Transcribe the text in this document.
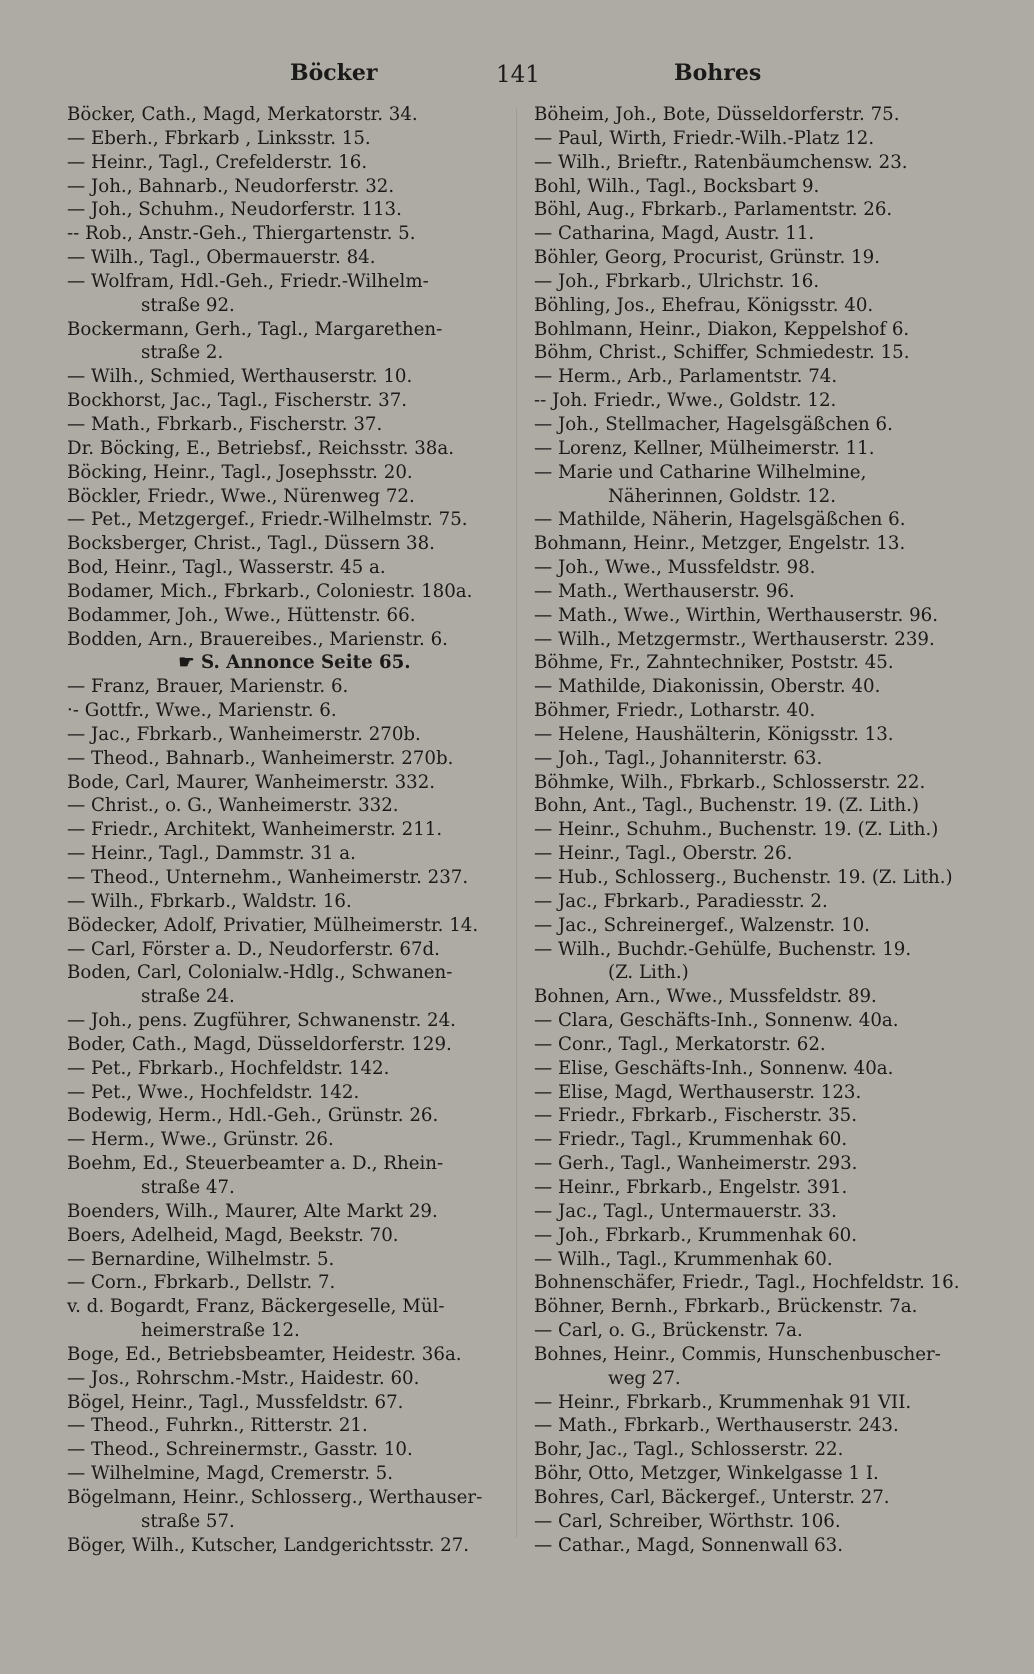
Böcker	141	Bohres
Böcker, Cath., Magd, Merkatorstr. 34.
— Eberh., Fbrkarb , Linksstr. 15.
— Heinr., Tagl., Crefelderstr. 16.
— Joh., Bahnarb., Neudorferstr. 32.
— Joh., Schuhm., Neudorferstr. 113.
-- Rob., Anstr.-Geh., Thiergartenstr. 5.
— Wilh., Tagl., Obermauerstr. 84.
— Wolfram, Hdl.-Geh., Friedr.-Wilhelm-
straße 92.
Bockermann, Gerh., Tagl., Margarethen-
straße 2.
— Wilh., Schmied, Werthauserstr. 10.
Bockhorst, Jac., Tagl., Fischerstr. 37.
— Math., Fbrkarb., Fischerstr. 37.
Dr. Böcking, E., Betriebsf., Reichsstr. 38a.
Böcking, Heinr., Tagl., Josephsstr. 20.
Böckler, Friedr., Wwe., Nürenweg 72.
— Pet., Metzgergef., Friedr.-Wilhelmstr. 75.
Bocksberger, Christ., Tagl., Düssern 38.
Bod, Heinr., Tagl., Wasserstr. 45 a.
Bodamer, Mich., Fbrkarb., Coloniestr. 180a.
Bodammer, Joh., Wwe., Hüttenstr. 66.
Bodden, Arn., Brauereibes., Marienstr. 6.
☛ S. Annonce Seite 65.
— Franz, Brauer, Marienstr. 6.
·- Gottfr., Wwe., Marienstr. 6.
— Jac., Fbrkarb., Wanheimerstr. 270b.
— Theod., Bahnarb., Wanheimerstr. 270b.
Bode, Carl, Maurer, Wanheimerstr. 332.
— Christ., o. G., Wanheimerstr. 332.
— Friedr., Architekt, Wanheimerstr. 211.
— Heinr., Tagl., Dammstr. 31 a.
— Theod., Unternehm., Wanheimerstr. 237.
— Wilh., Fbrkarb., Waldstr. 16.
Bödecker, Adolf, Privatier, Mülheimerstr. 14.
— Carl, Förster a. D., Neudorferstr. 67d.
Boden, Carl, Colonialw.-Hdlg., Schwanen-
straße 24.
— Joh., pens. Zugführer, Schwanenstr. 24.
Boder, Cath., Magd, Düsseldorferstr. 129.
— Pet., Fbrkarb., Hochfeldstr. 142.
— Pet., Wwe., Hochfeldstr. 142.
Bodewig, Herm., Hdl.-Geh., Grünstr. 26.
— Herm., Wwe., Grünstr. 26.
Boehm, Ed., Steuerbeamter a. D., Rhein-
straße 47.
Boenders, Wilh., Maurer, Alte Markt 29.
Boers, Adelheid, Magd, Beekstr. 70.
— Bernardine, Wilhelmstr. 5.
— Corn., Fbrkarb., Dellstr. 7.
v. d. Bogardt, Franz, Bäckergeselle, Mül-
heimerstraße 12.
Boge, Ed., Betriebsbeamter, Heidestr. 36a.
— Jos., Rohrschm.-Mstr., Haidestr. 60.
Bögel, Heinr., Tagl., Mussfeldstr. 67.
— Theod., Fuhrkn., Ritterstr. 21.
— Theod., Schreinermstr., Gasstr. 10.
— Wilhelmine, Magd, Cremerstr. 5.
Bögelmann, Heinr., Schlosserg., Werthauser-
straße 57.
Böger, Wilh., Kutscher, Landgerichtsstr. 27.
Böheim, Joh., Bote, Düsseldorferstr. 75.
— Paul, Wirth, Friedr.-Wilh.-Platz 12.
— Wilh., Brieftr., Ratenbäumchensw. 23.
Bohl, Wilh., Tagl., Bocksbart 9.
Böhl, Aug., Fbrkarb., Parlamentstr. 26.
— Catharina, Magd, Austr. 11.
Böhler, Georg, Procurist, Grünstr. 19.
— Joh., Fbrkarb., Ulrichstr. 16.
Böhling, Jos., Ehefrau, Königsstr. 40.
Bohlmann, Heinr., Diakon, Keppelshof 6.
Böhm, Christ., Schiffer, Schmiedestr. 15.
— Herm., Arb., Parlamentstr. 74.
-- Joh. Friedr., Wwe., Goldstr. 12.
— Joh., Stellmacher, Hagelsgäßchen 6.
— Lorenz, Kellner, Mülheimerstr. 11.
— Marie und Catharine Wilhelmine,
Näherinnen, Goldstr. 12.
— Mathilde, Näherin, Hagelsgäßchen 6.
Bohmann, Heinr., Metzger, Engelstr. 13.
— Joh., Wwe., Mussfeldstr. 98.
— Math., Werthauserstr. 96.
— Math., Wwe., Wirthin, Werthauserstr. 96.
— Wilh., Metzgermstr., Werthauserstr. 239.
Böhme, Fr., Zahntechniker, Poststr. 45.
— Mathilde, Diakonissin, Oberstr. 40.
Böhmer, Friedr., Lotharstr. 40.
— Helene, Haushälterin, Königsstr. 13.
— Joh., Tagl., Johanniterstr. 63.
Böhmke, Wilh., Fbrkarb., Schlosserstr. 22.
Bohn, Ant., Tagl., Buchenstr. 19. (Z. Lith.)
— Heinr., Schuhm., Buchenstr. 19. (Z. Lith.)
— Heinr., Tagl., Oberstr. 26.
— Hub., Schlosserg., Buchenstr. 19. (Z. Lith.)
— Jac., Fbrkarb., Paradiesstr. 2.
— Jac., Schreinergef., Walzenstr. 10.
— Wilh., Buchdr.-Gehülfe, Buchenstr. 19.
(Z. Lith.)
Bohnen, Arn., Wwe., Mussfeldstr. 89.
— Clara, Geschäfts-Inh., Sonnenw. 40a.
— Conr., Tagl., Merkatorstr. 62.
— Elise, Geschäfts-Inh., Sonnenw. 40a.
— Elise, Magd, Werthauserstr. 123.
— Friedr., Fbrkarb., Fischerstr. 35.
— Friedr., Tagl., Krummenhak 60.
— Gerh., Tagl., Wanheimerstr. 293.
— Heinr., Fbrkarb., Engelstr. 391.
— Jac., Tagl., Untermauerstr. 33.
— Joh., Fbrkarb., Krummenhak 60.
— Wilh., Tagl., Krummenhak 60.
Bohnenschäfer, Friedr., Tagl., Hochfeldstr. 16.
Böhner, Bernh., Fbrkarb., Brückenstr. 7a.
— Carl, o. G., Brückenstr. 7a.
Bohnes, Heinr., Commis, Hunschenbuscher-
weg 27.
— Heinr., Fbrkarb., Krummenhak 91 VII.
— Math., Fbrkarb., Werthauserstr. 243.
Bohr, Jac., Tagl., Schlosserstr. 22.
Böhr, Otto, Metzger, Winkelgasse 1 I.
Bohres, Carl, Bäckergef., Unterstr. 27.
— Carl, Schreiber, Wörthstr. 106.
— Cathar., Magd, Sonnenwall 63.
